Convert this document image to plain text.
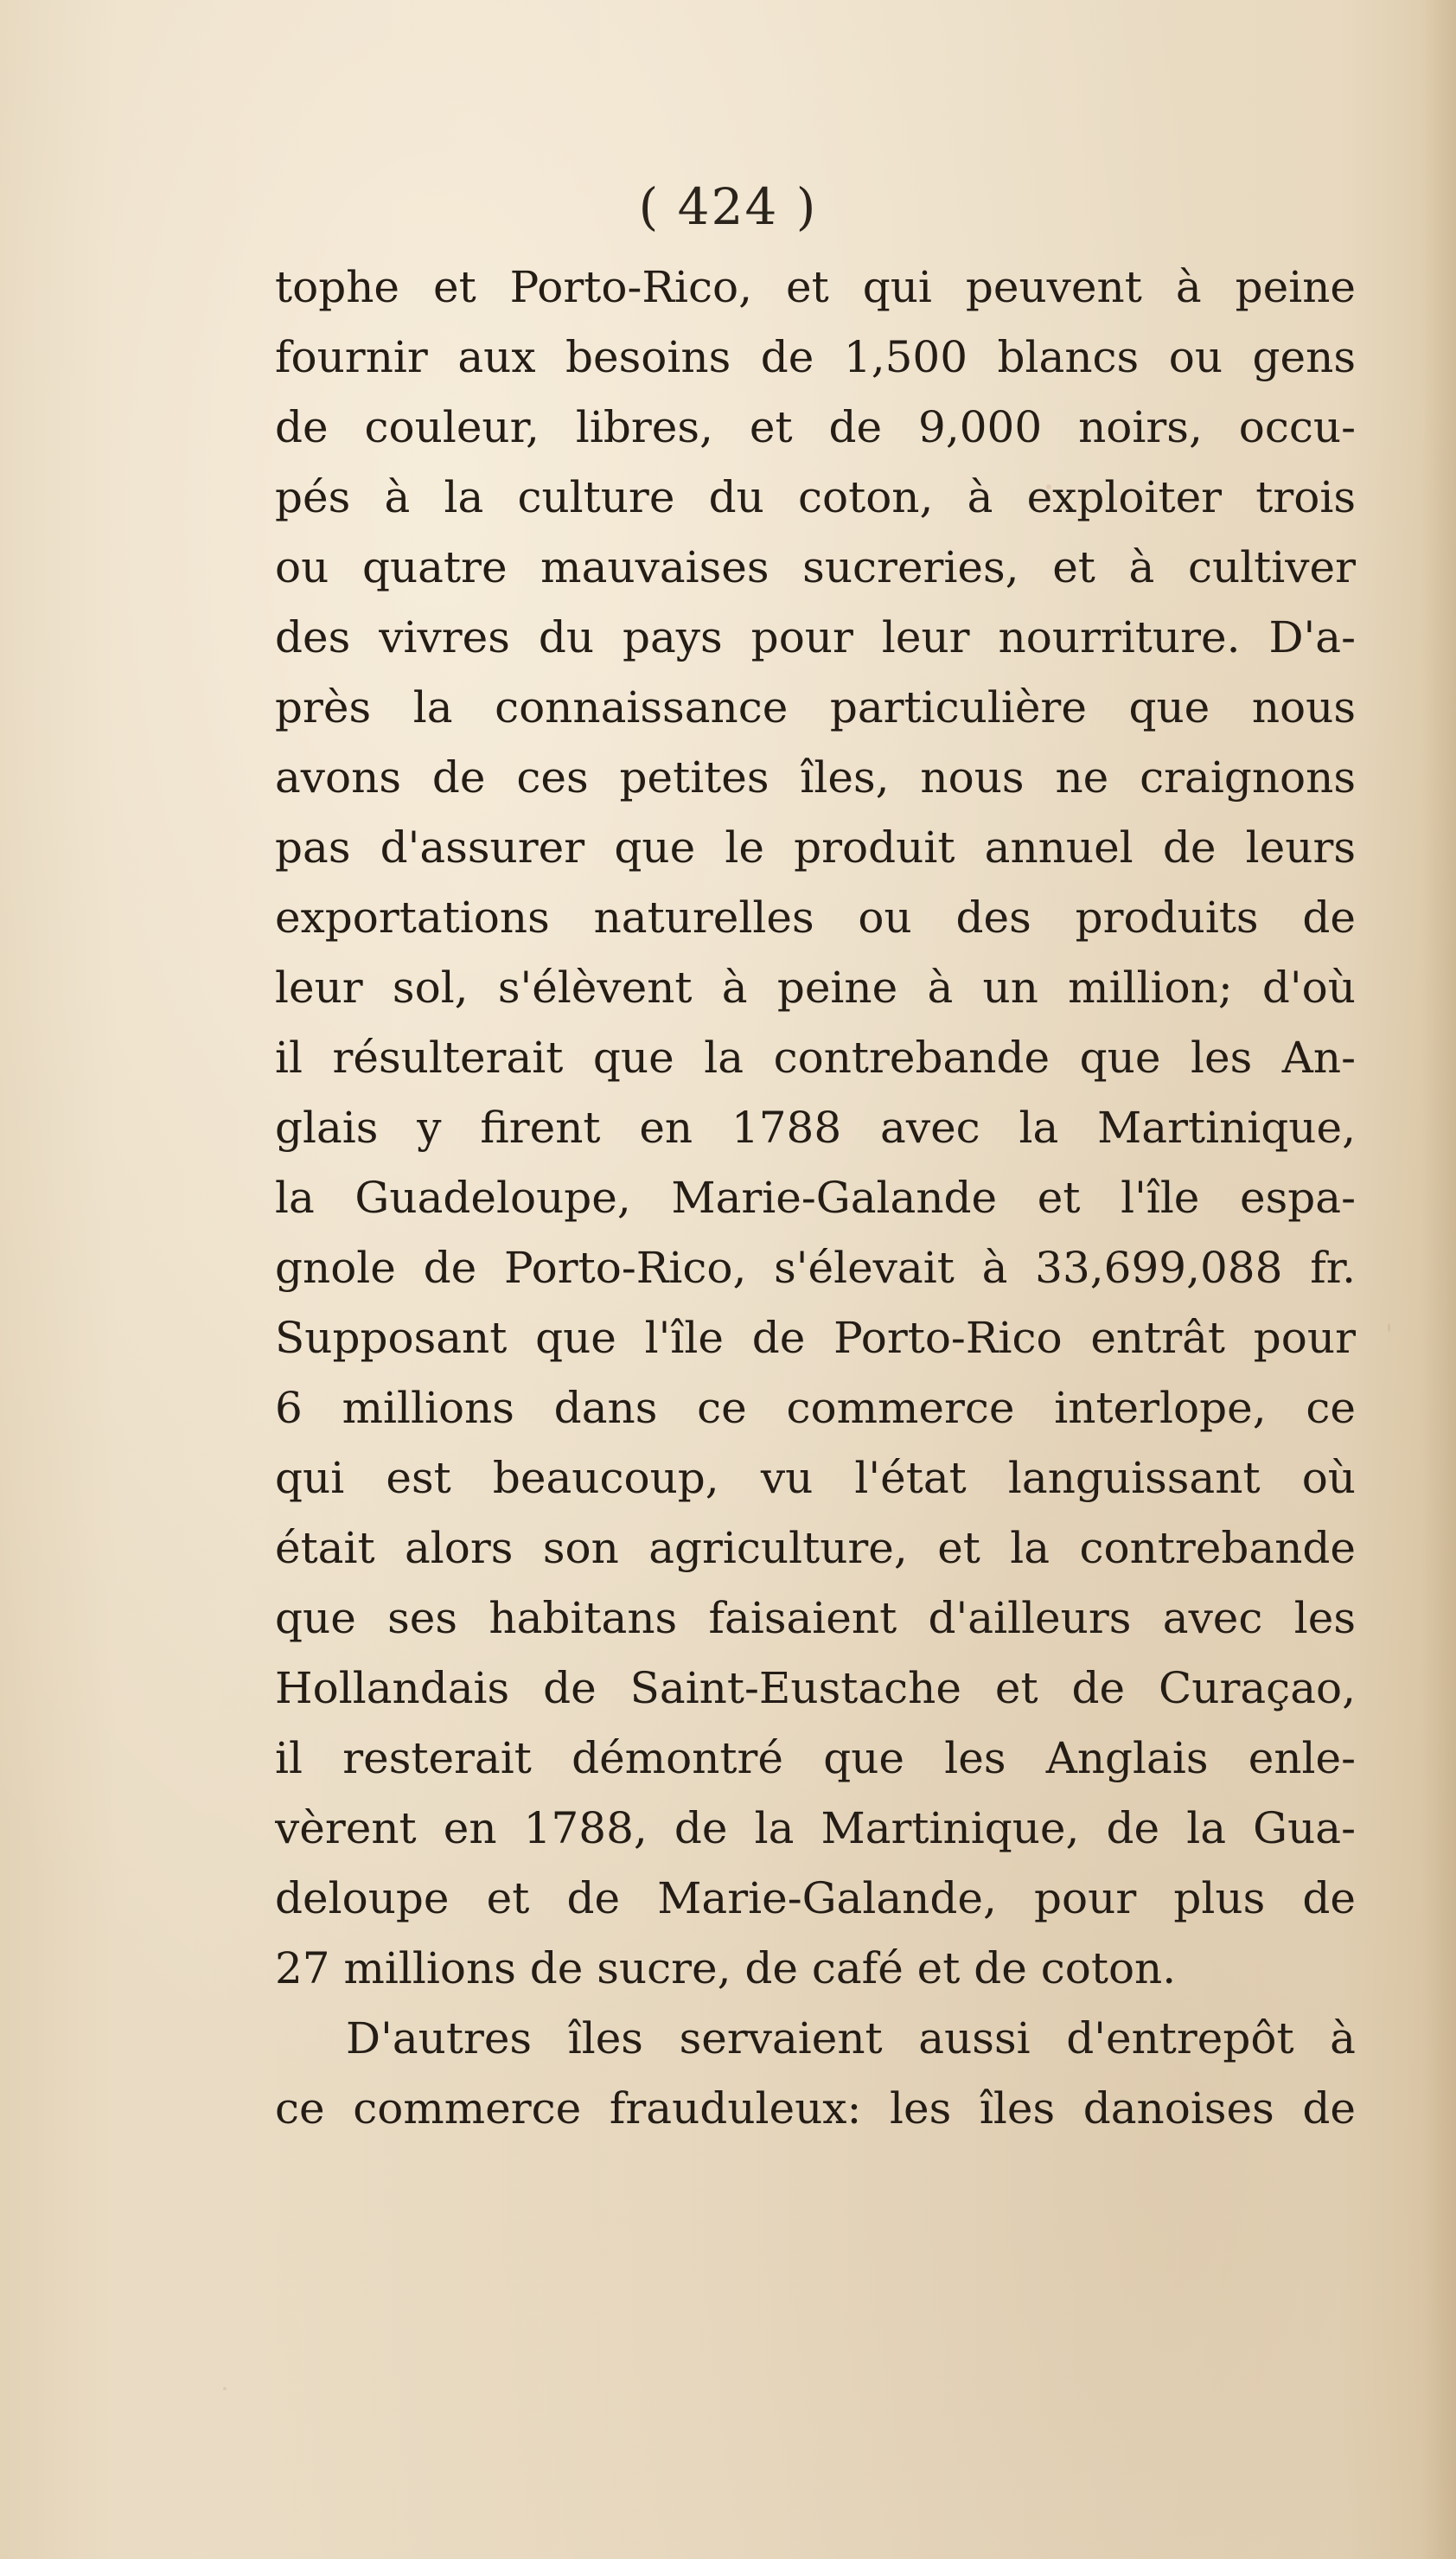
( 424 )
tophe et Porto-Rico, et qui peuvent à peine
fournir aux besoins de 1,500 blancs ou gens
de couleur, libres, et de 9,000 noirs, occu-
pés à la culture du coton, à exploiter trois
ou quatre mauvaises sucreries, et à cultiver
des vivres du pays pour leur nourriture. D'a-
près la connaissance particulière que nous
avons de ces petites îles, nous ne craignons
pas d'assurer que le produit annuel de leurs
exportations naturelles ou des produits de
leur sol, s'élèvent à peine à un million; d'où
il résulterait que la contrebande que les An-
glais y firent en 1788 avec la Martinique,
la Guadeloupe, Marie-Galande et l'île espa-
gnole de Porto-Rico, s'élevait à 33,699,088 fr.
Supposant que l'île de Porto-Rico entrât pour
6 millions dans ce commerce interlope, ce
qui est beaucoup, vu l'état languissant où
était alors son agriculture, et la contrebande
que ses habitans faisaient d'ailleurs avec les
Hollandais de Saint-Eustache et de Curaçao,
il resterait démontré que les Anglais enle-
vèrent en 1788, de la Martinique, de la Gua-
deloupe et de Marie-Galande, pour plus de
27 millions de sucre, de café et de coton.
D'autres îles servaient aussi d'entrepôt à
ce commerce frauduleux: les îles danoises de
